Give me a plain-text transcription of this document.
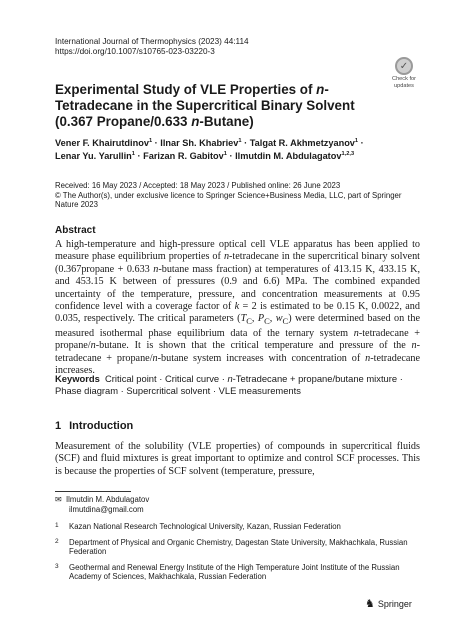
International Journal of Thermophysics (2023) 44:114
https://doi.org/10.1007/s10765-023-03220-3
✓
Check for
updates
Experimental Study of VLE Properties of n-Tetradecane in the Supercritical Binary Solvent (0.367 Propane/0.633 n-Butane)
Vener F. Khairutdinov$^1$ · Ilnar Sh. Khabriev$^1$ · Talgat R. Akhmetzyanov$^1$ ·
Lenar Yu. Yarullin$^1$ · Farizan R. Gabitov$^1$ · Ilmutdin M. Abdulagatov$^{1,2,3}$
Received: 16 May 2023 / Accepted: 18 May 2023 / Published online: 26 June 2023
© The Author(s), under exclusive licence to Springer Science+Business Media, LLC, part of Springer Nature 2023
Abstract
A high-temperature and high-pressure optical cell VLE apparatus has been applied to measure phase equilibrium properties of n-tetradecane in the supercritical binary solvent (0.367propane + 0.633 n-butane mass fraction) at temperatures of 413.15 K, 433.15 K, and 453.15 K between of pressures (0.9 and 6.6) MPa. The combined expanded uncertainty of the temperature, pressure, and concentration measurements at 0.95 confidence level with a coverage factor of k = 2 is estimated to be 0.15 K, 0.0022, and 0.035, respectively. The critical parameters ($T_C$, $P_C$, $w_C$) were determined based on the measured isothermal phase equilibrium data of the ternary system n-tetradecane + propane/n-butane. It is shown that the critical temperature and pressure of the n-tetradecane + propane/n-butane system increases with concentration of n-tetradecane increases.
Keywords Critical point · Critical curve · n-Tetradecane + propane/butane mixture · Phase diagram · Supercritical solvent · VLE measurements
1 Introduction
Measurement of the solubility (VLE properties) of compounds in supercritical fluids (SCF) and fluid mixtures is great important to optimize and control SCF processes. This is because the properties of SCF solvent (temperature, pressure,
✉ Ilmutdin M. Abdulagatov
ilmutdina@gmail.com
1	Kazan National Research Technological University, Kazan, Russian Federation
2	Department of Physical and Organic Chemistry, Dagestan State University, Makhachkala, Russian Federation
3	Geothermal and Renewal Energy Institute of the High Temperature Joint Institute of the Russian Academy of Sciences, Makhachkala, Russian Federation
♞ Springer
